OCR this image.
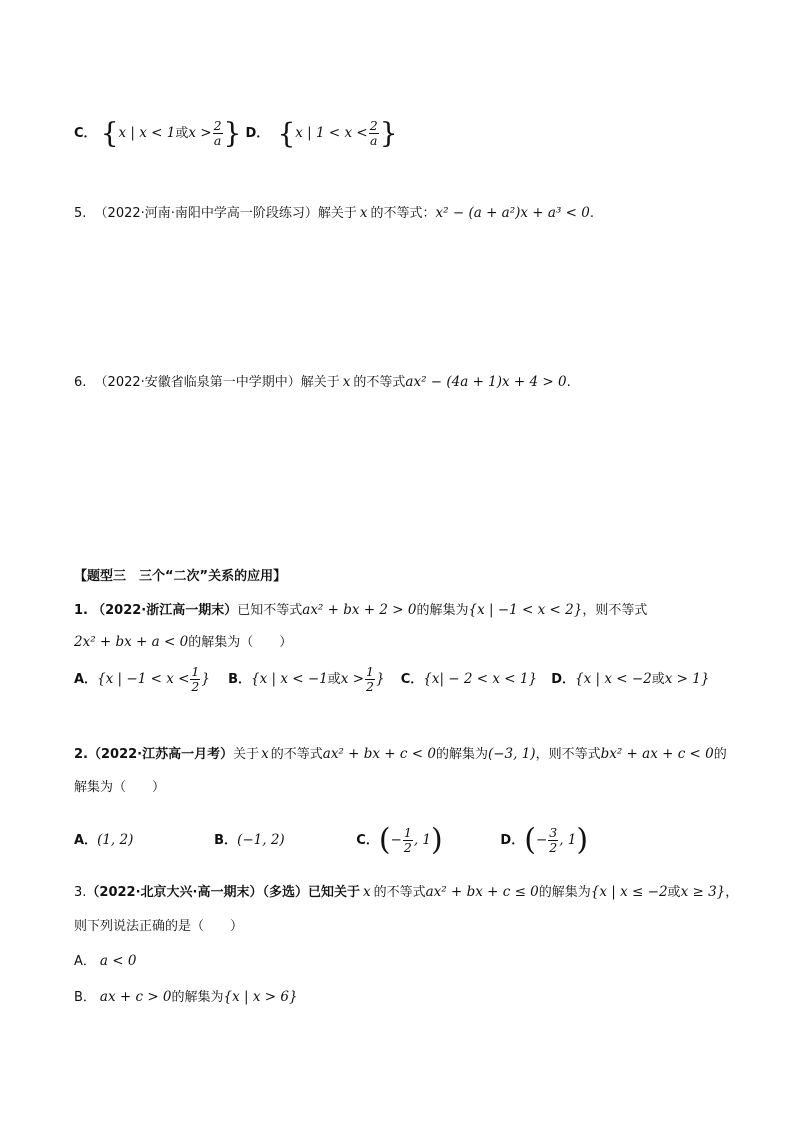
C． {x | x < 1或$x > \frac{2}{a}$ } D． {x | $1 < x < \frac{2}{a}$ }
5. （2022·河南·南阳中学高一阶段练习）解关于 x 的不等式：x² − (a + a²)x + a³ < 0.
6. （2022·安徽省临泉第一中学期中）解关于 x 的不等式ax² − (4a + 1)x + 4 > 0.
【题型三　三个“二次”关系的应用】
1. （2022·浙江高一期末）已知不等式ax² + bx + 2 > 0的解集为{x | −1 < x < 2}，则不等式
2x² + bx + a < 0的解集为（　　）
A．{x | $-1 < x < \frac{1}{2}$ } B．{x | x < −1或$x > \frac{1}{2}$ } C．{x| − 2 < x < 1} D．{x | x < −2或x > 1}
2.（2022·江苏高一月考）关于 x 的不等式ax² + bx + c < 0的解集为(−3, 1)，则不等式bx² + ax + c < 0的
解集为（　　）
A．(1, 2)	B．(−1, 2)	C．(− $\frac{1}{2}$ , 1)	D．(− $\frac{3}{2}$ , 1)
3.（2022·北京大兴·高一期末）（多选）已知关于 x 的不等式ax² + bx + c ≤ 0的解集为{x | x ≤ −2或x ≥ 3}，
则下列说法正确的是（　　）
A． a < 0
B． ax + c > 0的解集为{x | x > 6}
